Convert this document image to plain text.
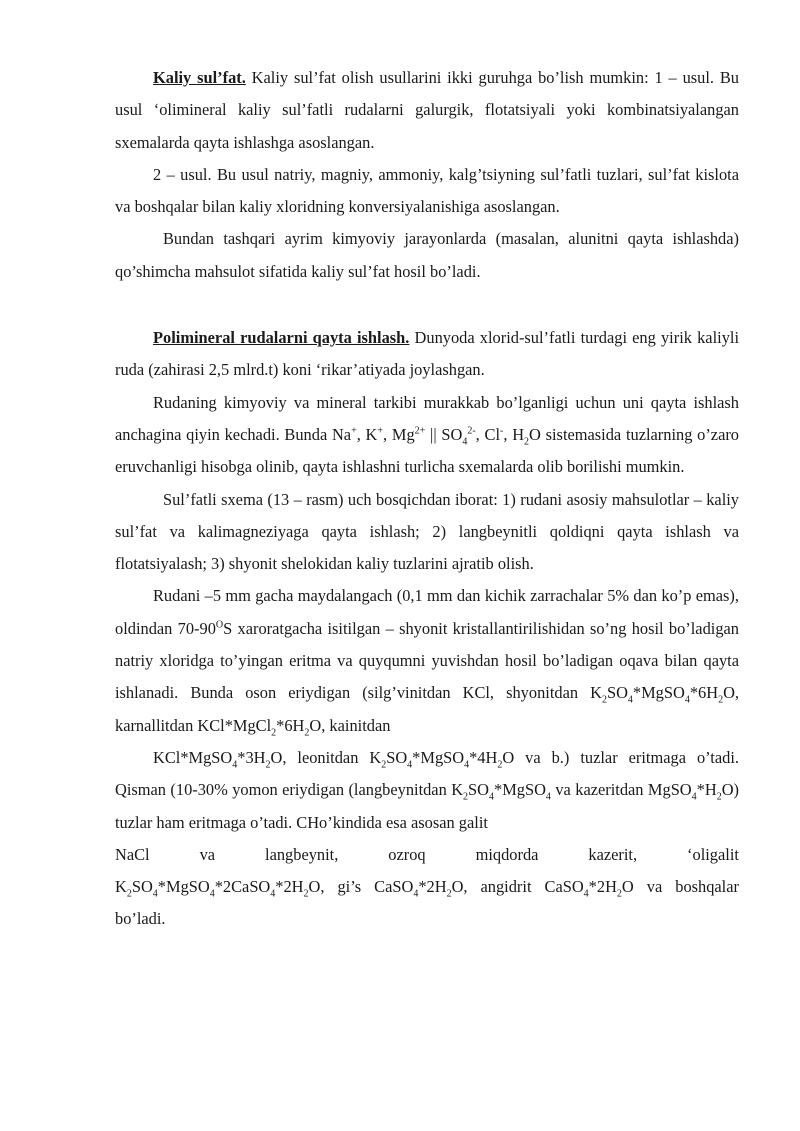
Kaliy sul’fat. Kaliy sul’fat olish usullarini ikki guruhga bo’lish mumkin: 1 – usul. Bu usul ‘olimineral kaliy sul’fatli rudalarni galurgik, flotatsiyali yoki kombinatsiyalangan sxemalarda qayta ishlashga asoslangan.

2 – usul. Bu usul natriy, magniy, ammoniy, kalg’tsiyning sul’fatli tuzlari, sul’fat kislota va boshqalar bilan kaliy xloridning konversiyalanishiga asoslangan.

Bundan tashqari ayrim kimyoviy jarayonlarda (masalan, alunitni qayta ishlashda) qo’shimcha mahsulot sifatida kaliy sul’fat hosil bo’ladi.

Polimineral rudalarni qayta ishlash. Dunyoda xlorid-sul’fatli turdagi eng yirik kaliyli ruda (zahirasi 2,5 mlrd.t) koni ‘rikar’atiyada joylashgan.

Rudaning kimyoviy va mineral tarkibi murakkab bo’lganligi uchun uni qayta ishlash anchagina qiyin kechadi. Bunda Na+, K+, $Mg^{2+}$ || $SO_4^{2-}$, Cl-, $H_2O$ sistemasida tuzlarning o’zaro eruvchanligi hisobga olinib, qayta ishlashni turlicha sxemalarda olib borilishi mumkin.

Sul’fatli sxema (13 – rasm) uch bosqichdan iborat: 1) rudani asosiy mahsulotlar – kaliy sul’fat va kalimagneziyaga qayta ishlash; 2) langbeynitli qoldiqni qayta ishlash va flotatsiyalash; 3) shyonit shelokidan kaliy tuzlarini ajratib olish.

Rudani –5 mm gacha maydalangach (0,1 mm dan kichik zarrachalar 5% dan ko’p emas), oldindan $70-90^OS$ xaroratgacha isitilgan – shyonit kristallantirilishidan so’ng hosil bo’ladigan natriy xloridga to’yingan eritma va quyqumni yuvishdan hosil bo’ladigan oqava bilan qayta ishlanadi. Bunda oson eriydigan (silg’vinitdan KCl, shyonitdan $K_2SO_4*MgSO_4*6H_2O$, karnallitdan $KCl*MgCl_2*6H_2O$, kainitdan

$KCl*MgSO_4*3H_2O$, leonitdan $K_2SO_4*MgSO_4*4H_2O$ va b.) tuzlar eritmaga o’tadi. Qisman (10-30% yomon eriydigan (langbeynitdan $K_2SO_4*MgSO_4$ va kazeritdan $MgSO_4*H_2O$) tuzlar ham eritmaga o’tadi. CHo’kindida esa asosan galit

NaCl	va	langbeynit,	ozroq	miqdorda	kazerit,	‘oligalit

$K_2SO_4*MgSO_4*2CaSO_4*2H_2O$, gi’s $CaSO_4*2H_2O$, angidrit $CaSO_4*2H_2O$ va boshqalar bo’ladi.
